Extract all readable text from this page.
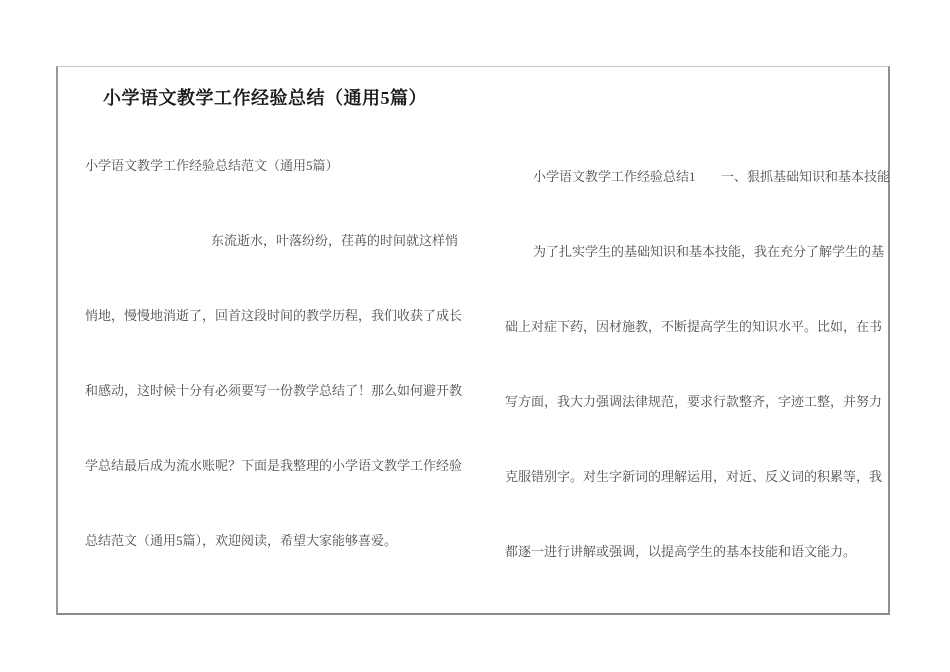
小学语文教学工作经验总结（通用5篇）
小学语文教学工作经验总结范文（通用5篇）
东流逝水，叶落纷纷，荏苒的时间就这样悄
悄地，慢慢地消逝了，回首这段时间的教学历程，我们收获了成长
和感动，这时候十分有必须要写一份教学总结了！那么如何避开教
学总结最后成为流水账呢？下面是我整理的小学语文教学工作经验
总结范文（通用5篇），欢迎阅读，希望大家能够喜爱。
小学语文教学工作经验总结1 一、狠抓基础知识和基本技能
为了扎实学生的基础知识和基本技能，我在充分了解学生的基
础上对症下药，因材施教，不断提高学生的知识水平。比如，在书
写方面，我大力强调法律规范，要求行款整齐，字迹工整，并努力
克服错别字。对生字新词的理解运用，对近、反义词的积累等，我
都逐一进行讲解或强调，以提高学生的基本技能和语文能力。
